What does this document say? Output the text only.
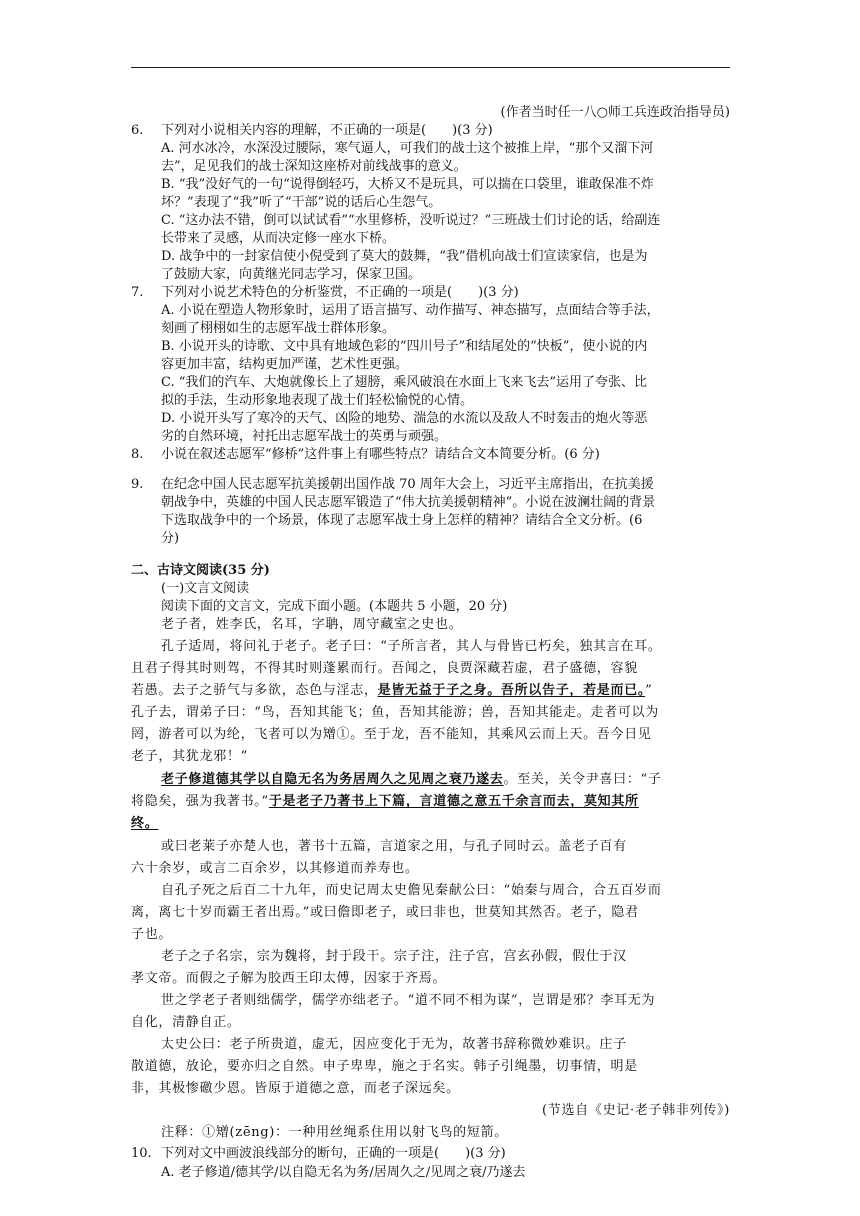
(作者当时任一八○师工兵连政治指导员)
6. 下列对小说相关内容的理解，不正确的一项是(　　)(3 分)
A. 河水冰冷，水深没过腰际，寒气逼人，可我们的战士这个被推上岸，“那个又溜下河
去”，足见我们的战士深知这座桥对前线战事的意义。
B. “我”没好气的一句“说得倒轻巧，大桥又不是玩具，可以揣在口袋里，谁敢保准不炸
坏？”表现了“我”听了“干部”说的话后心生怨气。
C. “这办法不错，倒可以试试看”“水里修桥，没听说过？”三班战士们讨论的话，给副连
长带来了灵感，从而决定修一座水下桥。
D. 战争中的一封家信使小倪受到了莫大的鼓舞，“我”借机向战士们宣读家信，也是为
了鼓励大家，向黄继光同志学习，保家卫国。
7. 下列对小说艺术特色的分析鉴赏，不正确的一项是(　　)(3 分)
A. 小说在塑造人物形象时，运用了语言描写、动作描写、神态描写，点面结合等手法，
刻画了栩栩如生的志愿军战士群体形象。
B. 小说开头的诗歌、文中具有地域色彩的“四川号子”和结尾处的“快板”，使小说的内
容更加丰富，结构更加严谨，艺术性更强。
C. “我们的汽车、大炮就像长上了翅膀，乘风破浪在水面上飞来飞去”运用了夸张、比
拟的手法，生动形象地表现了战士们轻松愉悦的心情。
D. 小说开头写了寒冷的天气、凶险的地势、湍急的水流以及敌人不时轰击的炮火等恶
劣的自然环境，衬托出志愿军战士的英勇与顽强。
8. 小说在叙述志愿军“修桥”这件事上有哪些特点？请结合文本简要分析。(6 分)
9. 在纪念中国人民志愿军抗美援朝出国作战 70 周年大会上，习近平主席指出，在抗美援
朝战争中，英雄的中国人民志愿军锻造了“伟大抗美援朝精神”。小说在波澜壮阔的背景
下选取战争中的一个场景，体现了志愿军战士身上怎样的精神？请结合全文分析。(6
分)
二、古诗文阅读(35 分)
(一)文言文阅读
阅读下面的文言文，完成下面小题。(本题共 5 小题，20 分)
老子者，姓李氏，名耳，字聃，周守藏室之史也。
孔子适周，将问礼于老子。老子曰：“子所言者，其人与骨皆已朽矣，独其言在耳。
且君子得其时则驾，不得其时则蓬累而行。吾闻之，良贾深藏若虚，君子盛德，容貌
若愚。去子之骄气与多欲，态色与淫志，是皆无益于子之身。吾所以告子，若是而已。”
孔子去，谓弟子曰：“鸟，吾知其能飞；鱼，吾知其能游；兽，吾知其能走。走者可以为
罔，游者可以为纶，飞者可以为矰①。至于龙，吾不能知，其乘风云而上天。吾今日见
老子，其犹龙邪！”
老子修道德其学以自隐无名为务居周久之见周之衰乃遂去。至关，关令尹喜曰：“子
将隐矣，强为我著书。”于是老子乃著书上下篇，言道德之意五千余言而去，莫知其所
终。
或曰老莱子亦楚人也，著书十五篇，言道家之用，与孔子同时云。盖老子百有
六十余岁，或言二百余岁，以其修道而养寿也。
自孔子死之后百二十九年，而史记周太史儋见秦献公曰：“始秦与周合，合五百岁而
离，离七十岁而霸王者出焉。”或曰儋即老子，或曰非也，世莫知其然否。老子，隐君
子也。
老子之子名宗，宗为魏将，封于段干。宗子注，注子宫，宫玄孙假，假仕于汉
孝文帝。而假之子解为胶西王印太傅，因家于齐焉。
世之学老子者则绌儒学，儒学亦绌老子。“道不同不相为谋”，岂谓是邪？李耳无为
自化，清静自正。
太史公曰：老子所贵道，虚无，因应变化于无为，故著书辞称微妙难识。庄子
散道德，放论，要亦归之自然。申子卑卑，施之于名实。韩子引绳墨，切事情，明是
非，其极惨礉少恩。皆原于道德之意，而老子深远矣。
(节选自《史记·老子韩非列传》)
注释：①矰(zēng)：一种用丝绳系住用以射飞鸟的短箭。
10. 下列对文中画波浪线部分的断句，正确的一项是(　　)(3 分)
A. 老子修道/德其学/以自隐无名为务/居周久之/见周之衰/乃遂去
